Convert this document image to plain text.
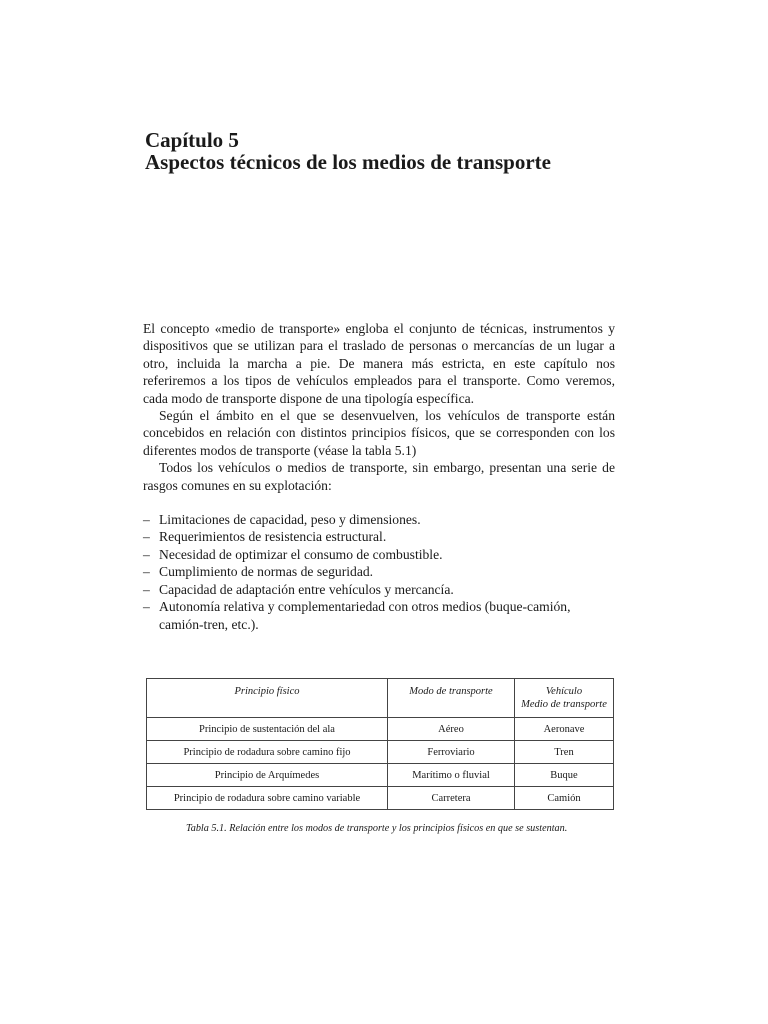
Capítulo 5
Aspectos técnicos de los medios de transporte

El concepto «medio de transporte» engloba el conjunto de técnicas, instrumentos y dispositivos que se utilizan para el traslado de personas o mercancías de un lugar a otro, incluida la marcha a pie. De manera más estricta, en este capítulo nos referiremos a los tipos de vehículos empleados para el transporte. Como veremos, cada modo de transporte dispone de una tipología específica.

Según el ámbito en el que se desenvuelven, los vehículos de transporte están concebidos en relación con distintos principios físicos, que se corresponden con los diferentes modos de transporte (véase la tabla 5.1)

Todos los vehículos o medios de transporte, sin embargo, presentan una serie de rasgos comunes en su explotación:

– Limitaciones de capacidad, peso y dimensiones.
– Requerimientos de resistencia estructural.
– Necesidad de optimizar el consumo de combustible.
– Cumplimiento de normas de seguridad.
– Capacidad de adaptación entre vehículos y mercancía.
– Autonomía relativa y complementariedad con otros medios (buque-camión, camión-tren, etc.).
Principio físico	Modo de transporte	Vehículo
Medio de transporte
Principio de sustentación del ala	Aéreo	Aeronave
Principio de rodadura sobre camino fijo	Ferroviario	Tren
Principio de Arquímedes	Marítimo o fluvial	Buque
Principio de rodadura sobre camino variable	Carretera	Camión
Tabla 5.1. Relación entre los modos de transporte y los principios físicos en que se sustentan.
